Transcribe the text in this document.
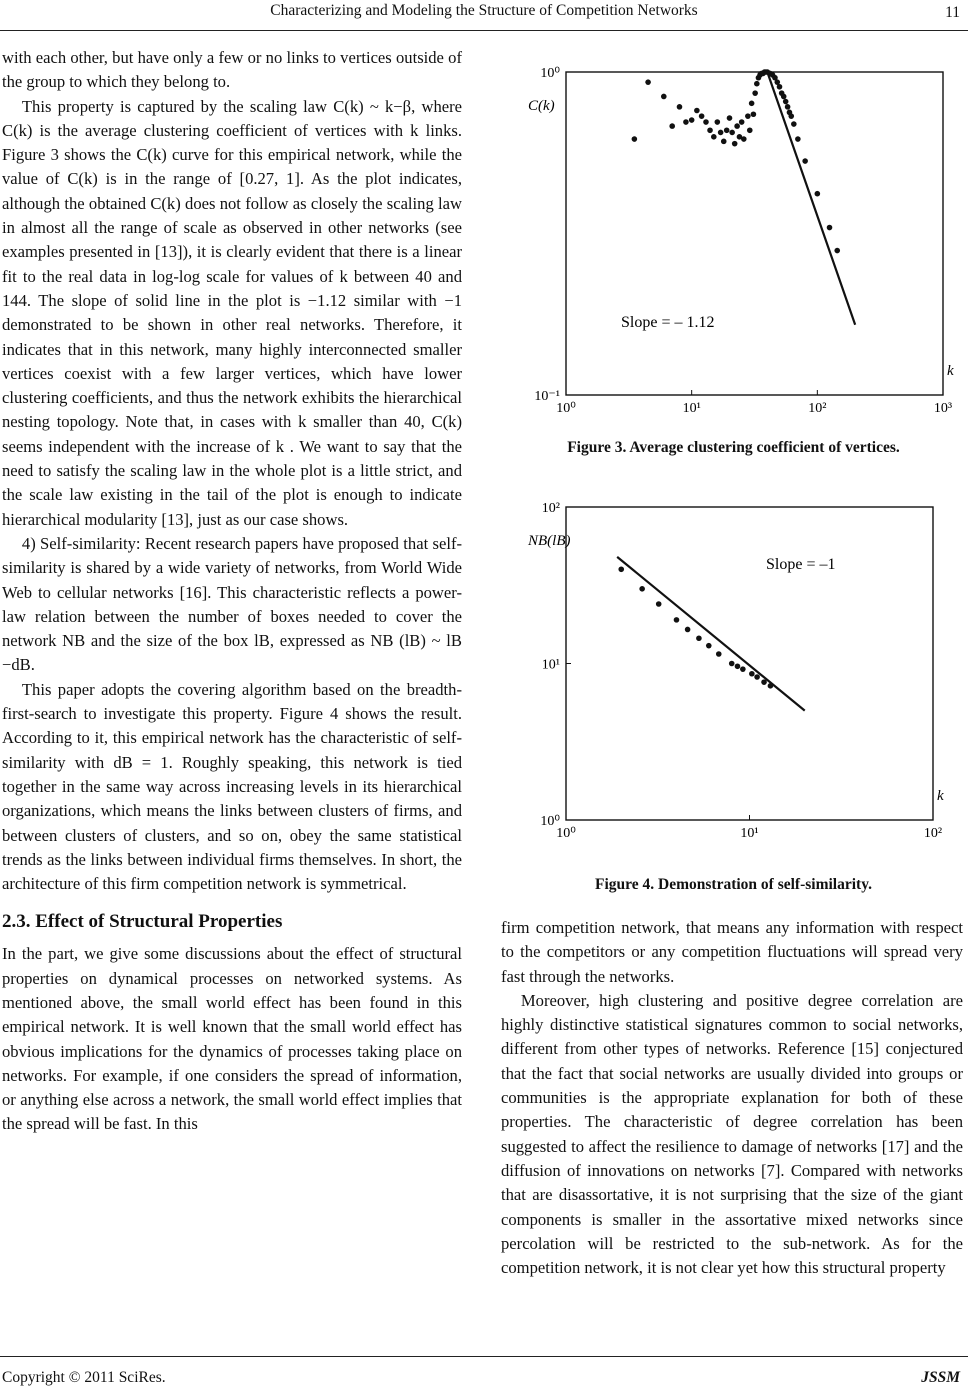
Characterizing and Modeling the Structure of Competition Networks	11

with each other, but have only a few or no links to vertices outside of the group to which they belong to.

This property is captured by the scaling law C(k) ~ k−β, where C(k) is the average clustering coefficient of vertices with k links. Figure 3 shows the C(k) curve for this empirical network, while the value of C(k) is in the range of [0.27, 1]. As the plot indicates, although the obtained C(k) does not follow as closely the scaling law in almost all the range of scale as observed in other networks (see examples presented in [13]), it is clearly evident that there is a linear fit to the real data in log-log scale for values of k between 40 and 144. The slope of solid line in the plot is −1.12 similar with −1 demonstrated to be shown in other real networks. Therefore, it indicates that in this network, many highly interconnected smaller vertices coexist with a few larger vertices, which have lower clustering coefficients, and thus the network exhibits the hierarchical nesting topology. Note that, in cases with k smaller than 40, C(k) seems independent with the increase of k . We want to say that the need to satisfy the scaling law in the whole plot is a little strict, and the scale law existing in the tail of the plot is enough to indicate hierarchical modularity [13], just as our case shows.

4) Self-similarity: Recent research papers have proposed that self-similarity is shared by a wide variety of networks, from World Wide Web to cellular networks [16]. This characteristic reflects a power-law relation between the number of boxes needed to cover the network NB and the size of the box lB, expressed as NB (lB) ~ lB −dB.

This paper adopts the covering algorithm based on the breadth-first-search to investigate this property. Figure 4 shows the result. According to it, this empirical network has the characteristic of self-similarity with dB = 1. Roughly speaking, this network is tied together in the same way across increasing levels in its hierarchical organizations, which means the links between clusters of firms, and between clusters of clusters, and so on, obey the same statistical trends as the links between individual firms themselves. In short, the architecture of this firm competition network is symmetrical.

2.3. Effect of Structural Properties

In the part, we give some discussions about the effect of structural properties on dynamical processes on networked systems. As mentioned above, the small world effect has been found in this empirical network. It is well known that the small world effect has obvious implications for the dynamics of processes taking place on networks. For example, if one considers the spread of information, or anything else across a network, the small world effect implies that the spread will be fast. In this

firm competition network, that means any information with respect to the competitors or any competition fluctuations will spread very fast through the networks.

Moreover, high clustering and positive degree correlation are highly distinctive statistical signatures common to social networks, different from other types of networks. Reference [15] conjectured that the fact that social networks are usually divided into groups or communities is the appropriate explanation for both of these properties. The characteristic of degree correlation has been suggested to affect the resilience to damage of networks [17] and the diffusion of innovations on networks [7]. Compared with networks that are disassortative, it is not surprising that the size of the giant components is smaller in the assortative mixed networks since percolation will be restricted to the sub-network. As for the competition network, it is not clear yet how this structural property

10⁰	10¹	10²	10³
10⁰
10⁻¹
C(k)
k
Slope = – 1.12
Figure 3. Average clustering coefficient of vertices.
10⁰	10¹	10²
10²
10¹
10⁰
NB(lB)
k
Slope = –1
Figure 4. Demonstration of self-similarity.
Copyright © 2011 SciRes.	JSSM
